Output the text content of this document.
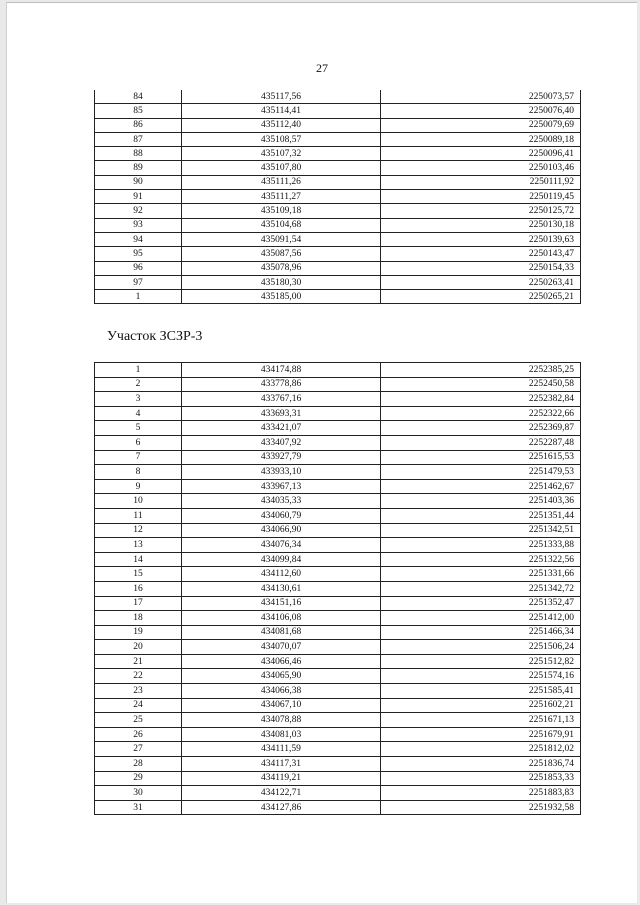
27
84	435117,56	2250073,57
85	435114,41	2250076,40
86	435112,40	2250079,69
87	435108,57	2250089,18
88	435107,32	2250096,41
89	435107,80	2250103,46
90	435111,26	2250111,92
91	435111,27	2250119,45
92	435109,18	2250125,72
93	435104,68	2250130,18
94	435091,54	2250139,63
95	435087,56	2250143,47
96	435078,96	2250154,33
97	435180,30	2250263,41
1	435185,00	2250265,21
Участок ЗСЗР-3
1	434174,88	2252385,25
2	433778,86	2252450,58
3	433767,16	2252382,84
4	433693,31	2252322,66
5	433421,07	2252369,87
6	433407,92	2252287,48
7	433927,79	2251615,53
8	433933,10	2251479,53
9	433967,13	2251462,67
10	434035,33	2251403,36
11	434060,79	2251351,44
12	434066,90	2251342,51
13	434076,34	2251333,88
14	434099,84	2251322,56
15	434112,60	2251331,66
16	434130,61	2251342,72
17	434151,16	2251352,47
18	434106,08	2251412,00
19	434081,68	2251466,34
20	434070,07	2251506,24
21	434066,46	2251512,82
22	434065,90	2251574,16
23	434066,38	2251585,41
24	434067,10	2251602,21
25	434078,88	2251671,13
26	434081,03	2251679,91
27	434111,59	2251812,02
28	434117,31	2251836,74
29	434119,21	2251853,33
30	434122,71	2251883,83
31	434127,86	2251932,58
